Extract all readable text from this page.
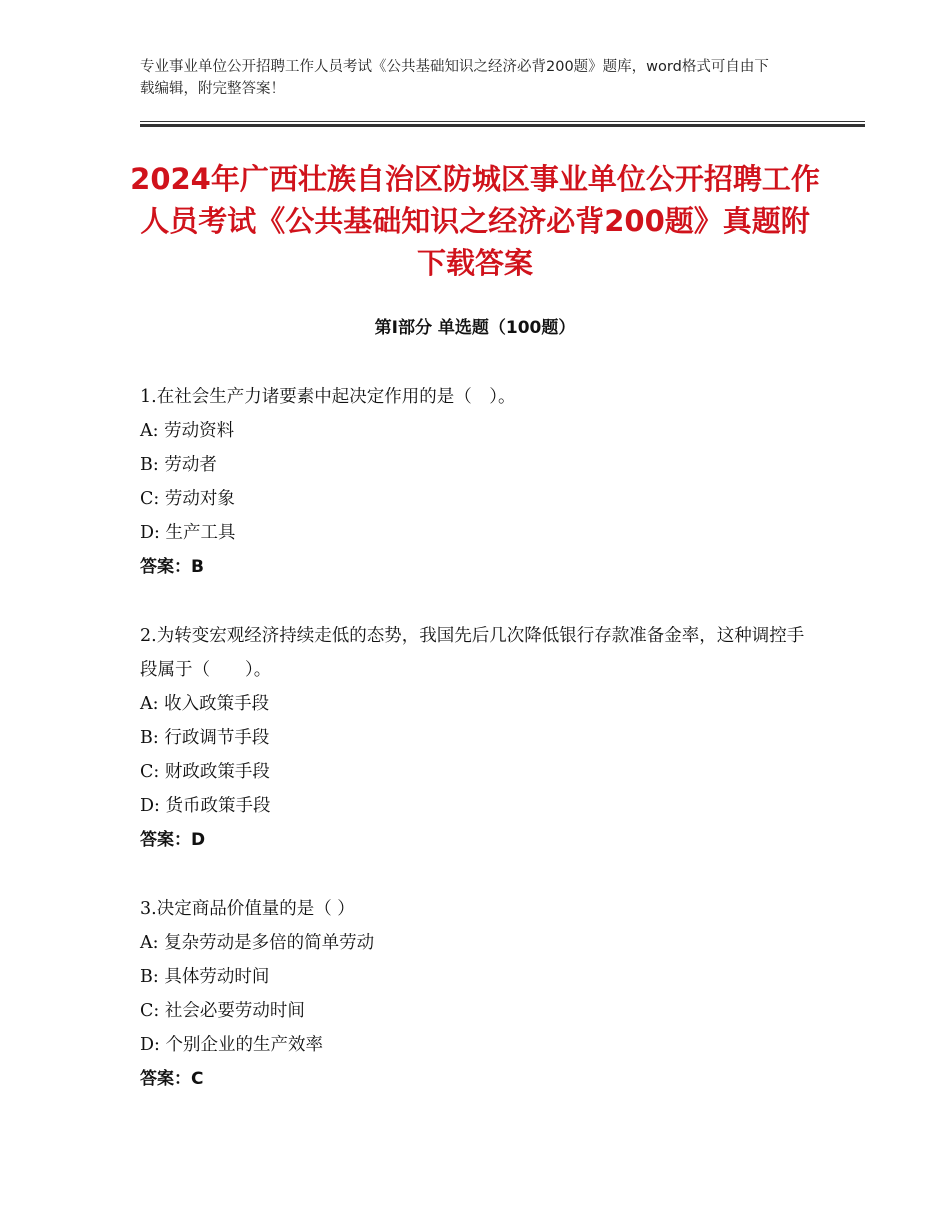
专业事业单位公开招聘工作人员考试《公共基础知识之经济必背200题》题库，word格式可自由下载编辑，附完整答案！
2024年广西壮族自治区防城区事业单位公开招聘工作人员考试《公共基础知识之经济必背200题》真题附下载答案
第Ⅰ部分 单选题（100题）

1.在社会生产力诸要素中起决定作用的是（　）。

A: 劳动资料

B: 劳动者

C: 劳动对象

D: 生产工具

答案：B

2.为转变宏观经济持续走低的态势，我国先后几次降低银行存款准备金率，这种调控手段属于（　　）。

A: 收入政策手段

B: 行政调节手段

C: 财政政策手段

D: 货币政策手段

答案：D

3.决定商品价值量的是（ ）

A: 复杂劳动是多倍的简单劳动

B: 具体劳动时间

C: 社会必要劳动时间

D: 个别企业的生产效率

答案：C
